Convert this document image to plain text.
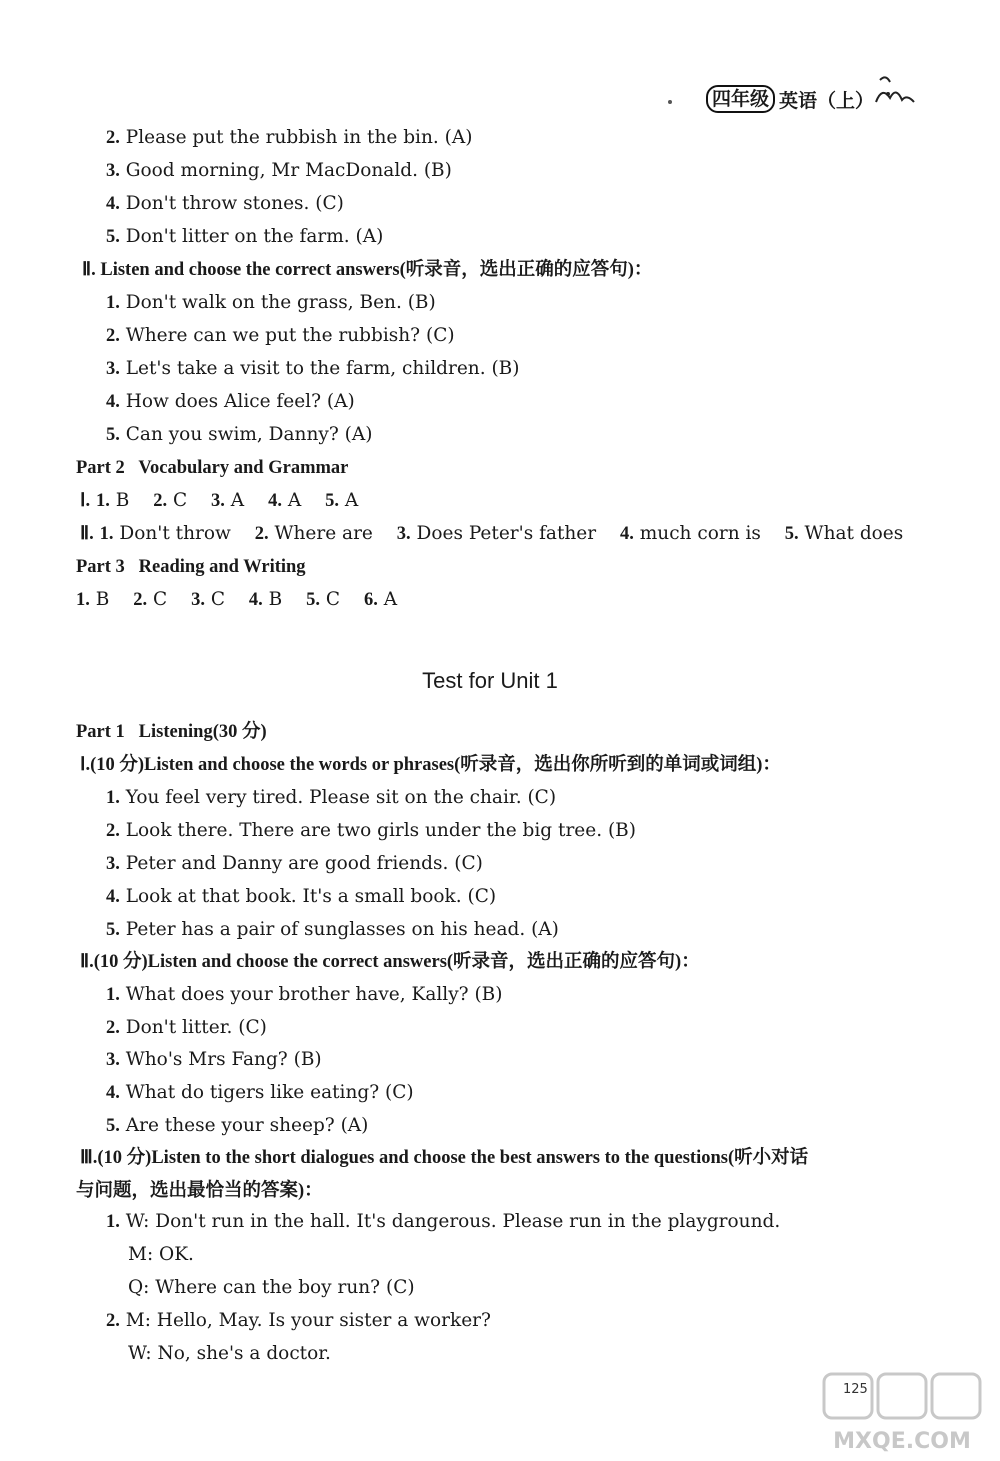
四年级 英语（上）
2. Please put the rubbish in the bin. (A)
3. Good morning, Mr MacDonald. (B)
4. Don't throw stones. (C)
5. Don't litter on the farm. (A)
Ⅱ. Listen and choose the correct answers(听录音，选出正确的应答句)：
1. Don't walk on the grass, Ben. (B)
2. Where can we put the rubbish? (C)
3. Let's take a visit to the farm, children. (B)
4. How does Alice feel? (A)
5. Can you swim, Danny? (A)
Part 2   Vocabulary and Grammar
Ⅰ. 1. B 2. C 3. A 4. A 5. A
Ⅱ. 1. Don't throw 2. Where are 3. Does Peter's father 4. much corn is 5. What does
Part 3   Reading and Writing
1. B 2. C 3. C 4. B 5. C 6. A
Test for Unit 1
Part 1   Listening(30 分)
Ⅰ.(10 分)Listen and choose the words or phrases(听录音，选出你所听到的单词或词组)：
1. You feel very tired. Please sit on the chair. (C)
2. Look there. There are two girls under the big tree. (B)
3. Peter and Danny are good friends. (C)
4. Look at that book. It's a small book. (C)
5. Peter has a pair of sunglasses on his head. (A)
Ⅱ.(10 分)Listen and choose the correct answers(听录音，选出正确的应答句)：
1. What does your brother have, Kally? (B)
2. Don't litter. (C)
3. Who's Mrs Fang? (B)
4. What do tigers like eating? (C)
5. Are these your sheep? (A)
Ⅲ.(10 分)Listen to the short dialogues and choose the best answers to the questions(听小对话
与问题，选出最恰当的答案)：
1. W: Don't run in the hall. It's dangerous. Please run in the playground.
M: OK.
Q: Where can the boy run? (C)
2. M: Hello, May. Is your sister a worker?
W: No, she's a doctor.
125
MXQE.COM
